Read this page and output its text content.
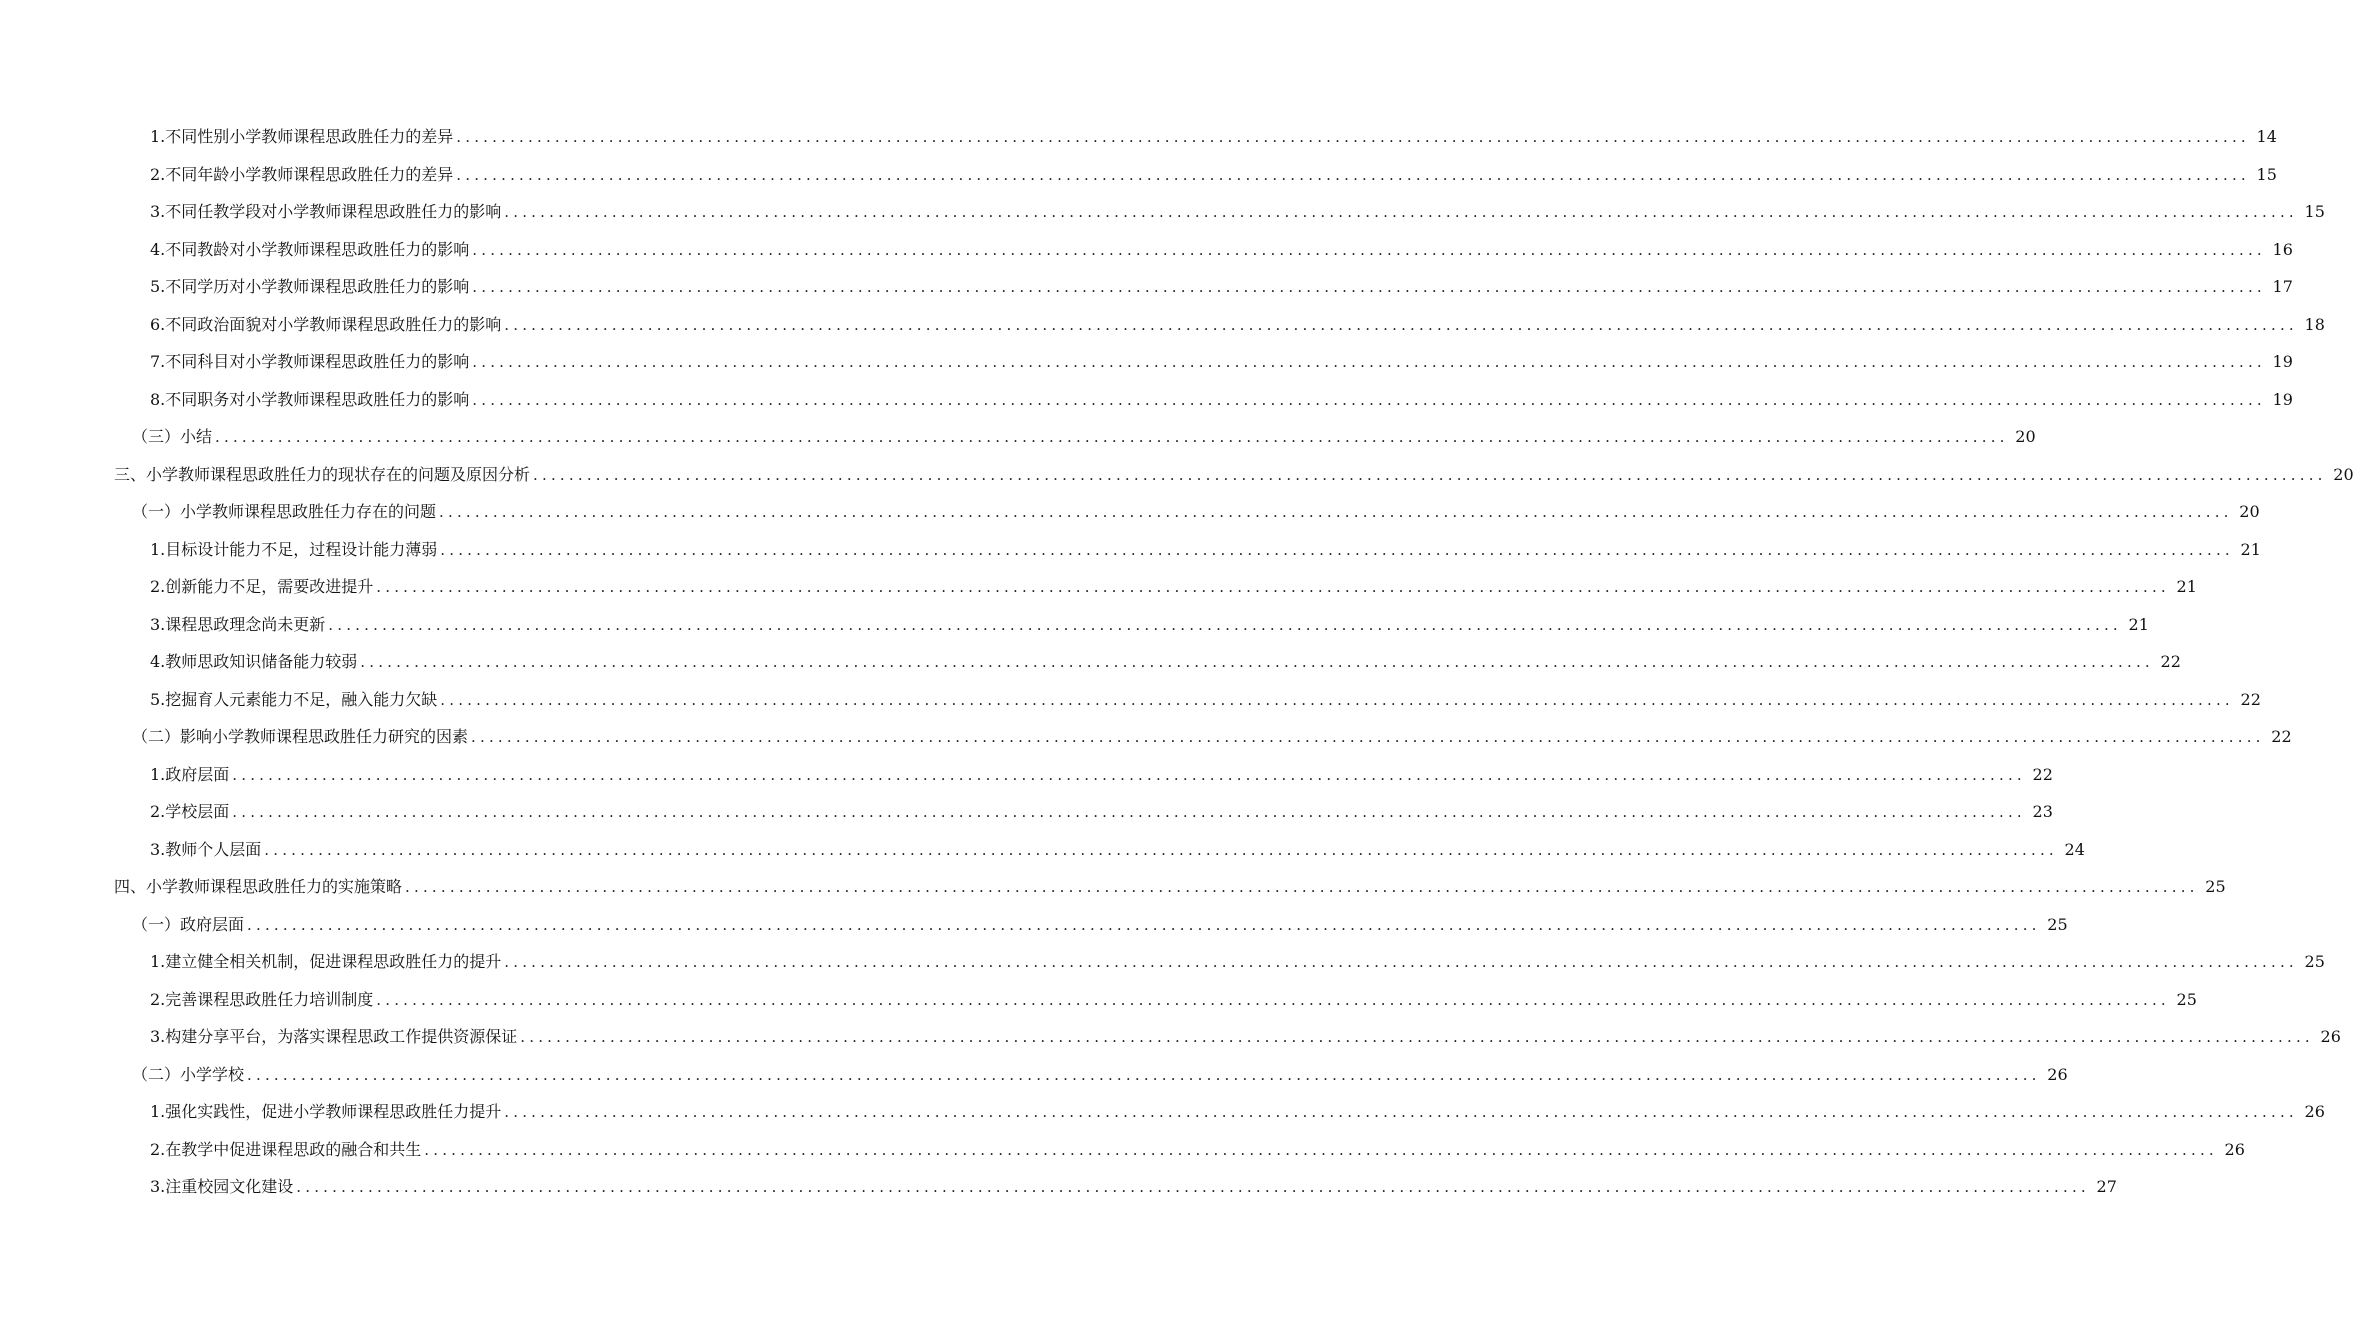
1.不同性别小学教师课程思政胜任力的差异 ........................................................................................................................................................................................................ 14
2.不同年龄小学教师课程思政胜任力的差异 ........................................................................................................................................................................................................ 15
3.不同任教学段对小学教师课程思政胜任力的影响 ........................................................................................................................................................................................................ 15
4.不同教龄对小学教师课程思政胜任力的影响 ........................................................................................................................................................................................................ 16
5.不同学历对小学教师课程思政胜任力的影响 ........................................................................................................................................................................................................ 17
6.不同政治面貌对小学教师课程思政胜任力的影响 ........................................................................................................................................................................................................ 18
7.不同科目对小学教师课程思政胜任力的影响 ........................................................................................................................................................................................................ 19
8.不同职务对小学教师课程思政胜任力的影响 ........................................................................................................................................................................................................ 19
（三）小结 ........................................................................................................................................................................................................ 20
三、小学教师课程思政胜任力的现状存在的问题及原因分析 ........................................................................................................................................................................................................ 20
（一）小学教师课程思政胜任力存在的问题 ........................................................................................................................................................................................................ 20
1.目标设计能力不足，过程设计能力薄弱 ........................................................................................................................................................................................................ 21
2.创新能力不足，需要改进提升 ........................................................................................................................................................................................................ 21
3.课程思政理念尚未更新 ........................................................................................................................................................................................................ 21
4.教师思政知识储备能力较弱 ........................................................................................................................................................................................................ 22
5.挖掘育人元素能力不足，融入能力欠缺 ........................................................................................................................................................................................................ 22
（二）影响小学教师课程思政胜任力研究的因素 ........................................................................................................................................................................................................ 22
1.政府层面 ........................................................................................................................................................................................................ 22
2.学校层面 ........................................................................................................................................................................................................ 23
3.教师个人层面 ........................................................................................................................................................................................................ 24
四、小学教师课程思政胜任力的实施策略 ........................................................................................................................................................................................................ 25
（一）政府层面 ........................................................................................................................................................................................................ 25
1.建立健全相关机制，促进课程思政胜任力的提升 ........................................................................................................................................................................................................ 25
2.完善课程思政胜任力培训制度 ........................................................................................................................................................................................................ 25
3.构建分享平台，为落实课程思政工作提供资源保证 ........................................................................................................................................................................................................ 26
（二）小学学校 ........................................................................................................................................................................................................ 26
1.强化实践性，促进小学教师课程思政胜任力提升 ........................................................................................................................................................................................................ 26
2.在教学中促进课程思政的融合和共生 ........................................................................................................................................................................................................ 26
3.注重校园文化建设 ........................................................................................................................................................................................................ 27
